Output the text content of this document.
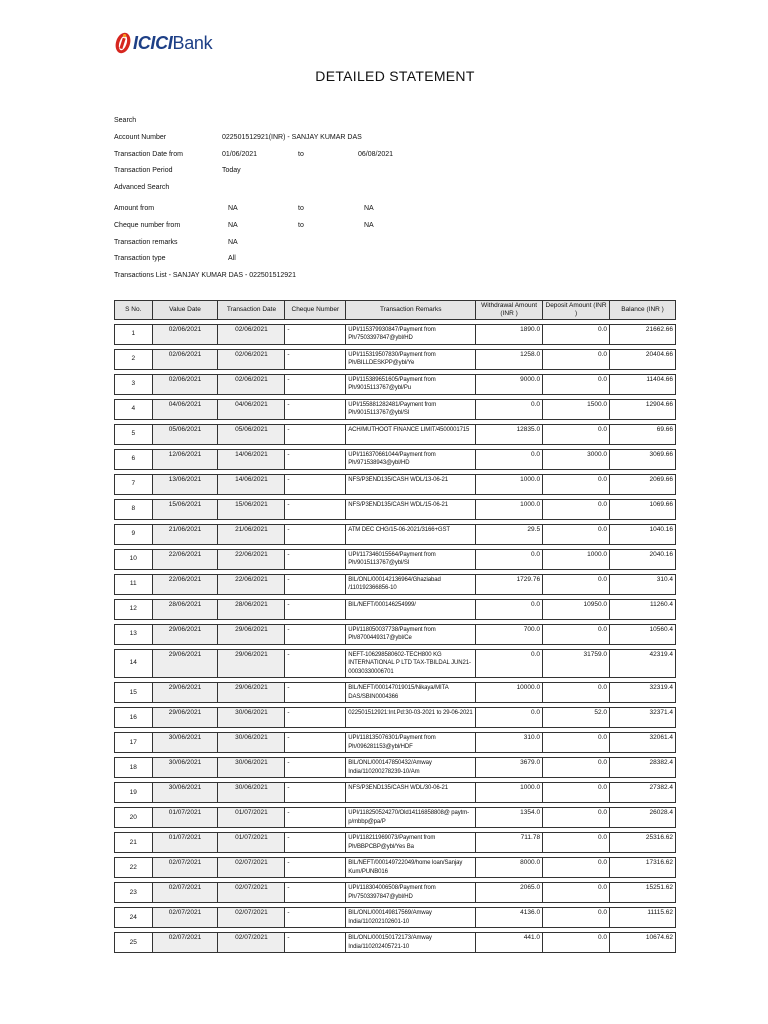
ICICIBank
DETAILED STATEMENT
Search
Account Number	022501512921(INR) - SANJAY KUMAR DAS
Transaction Date from	01/06/2021	to	06/08/2021
Transaction Period	Today
Advanced Search
Amount from	NA	to	NA
Cheque number from	NA	to	NA
Transaction remarks	NA
Transaction type	All
Transactions List - SANJAY KUMAR DAS - 022501512921
S No.	Value Date	Transaction Date	Cheque Number	Transaction Remarks	Withdrawal Amount (INR )	Deposit Amount (INR )	Balance (INR )
1	02/06/2021	02/06/2021	-	UPI/115379930847/Payment from Ph/7503397847@ybl/HD	1890.0	0.0	21662.66
2	02/06/2021	02/06/2021	-	UPI/115319507830/Payment from Ph/BILLDESKPP@ybl/Ye	1258.0	0.0	20404.66
3	02/06/2021	02/06/2021	-	UPI/115389651605/Payment from Ph/9015113767@ybl/Pu	9000.0	0.0	11404.66
4	04/06/2021	04/06/2021	-	UPI/155881282481/Payment from Ph/9015113767@ybl/SI	0.0	1500.0	12904.66
5	05/06/2021	05/06/2021	-	ACH/MUTHOOT FINANCE LIMIT/4500001715	12835.0	0.0	69.66
6	12/06/2021	14/06/2021	-	UPI/116370661044/Payment from Ph/971538943@ybl/HD	0.0	3000.0	3069.66
7	13/06/2021	14/06/2021	-	NFS/P3END135/CASH WDL/13-06-21	1000.0	0.0	2069.66
8	15/06/2021	15/06/2021	-	NFS/P3END135/CASH WDL/15-06-21	1000.0	0.0	1069.66
9	21/06/2021	21/06/2021	-	ATM DEC CHG/15-06-2021/3166+GST	29.5	0.0	1040.16
10	22/06/2021	22/06/2021	-	UPI/117346015564/Payment from Ph/9015113767@ybl/SI	0.0	1000.0	2040.16
11	22/06/2021	22/06/2021	-	BIL/ONL/000142136964/Ghaziabad /110192366856-10	1729.76	0.0	310.4
12	28/06/2021	28/06/2021	-	BIL/NEFT/000146254999/	0.0	10950.0	11260.4
13	29/06/2021	29/06/2021	-	UPI/118050037738/Payment from Ph/8700449317@ybl/Ce	700.0	0.0	10560.4
14	29/06/2021	29/06/2021	-	NEFT-106298580602-TECH800 KG INTERNATIONAL P LTD TAX-TBILDAL JUN21-00030330006701	0.0	31759.0	42319.4
15	29/06/2021	29/06/2021	-	BIL/NEFT/000147019015/Nikaya/MITA DAS/SBIN0004366	10000.0	0.0	32319.4
16	29/06/2021	30/06/2021	-	022501512921:Int.Pd:30-03-2021 to 29-06-2021	0.0	52.0	32371.4
17	30/06/2021	30/06/2021	-	UPI/118135076301/Payment from Ph/096281153@ybl/HDF	310.0	0.0	32061.4
18	30/06/2021	30/06/2021	-	BIL/ONL/000147850432/Amway India/110200278239-10/Am	3679.0	0.0	28382.4
19	30/06/2021	30/06/2021	-	NFS/P3END135/CASH WDL/30-06-21	1000.0	0.0	27382.4
20	01/07/2021	01/07/2021	-	UPI/118250524270/Old14116858808@ paytm-p/mbbp@pa/P	1354.0	0.0	26028.4
21	01/07/2021	01/07/2021	-	UPI/118211969073/Payment from Ph/BBPCBP@ybl/Yes Ba	711.78	0.0	25316.62
22	02/07/2021	02/07/2021	-	BIL/NEFT/000149722049/home loan/Sanjay Kum/PUNB016	8000.0	0.0	17316.62
23	02/07/2021	02/07/2021	-	UPI/118304006508/Payment from Ph/7503397847@ybl/HD	2065.0	0.0	15251.62
24	02/07/2021	02/07/2021	-	BIL/ONL/000149817569/Amway India/110202102601-10	4136.0	0.0	11115.62
25	02/07/2021	02/07/2021	-	BIL/ONL/000150172173/Amway India/110202405721-10	441.0	0.0	10674.62
